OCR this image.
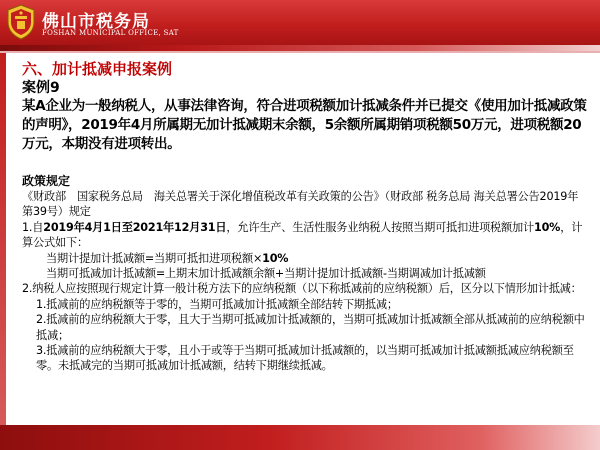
佛山市税务局
FOSHAN MUNICIPAL OFFICE, SAT
六、加计抵减申报案例
案例9
某A企业为一般纳税人，从事法律咨询，符合进项税额加计抵减条件并已提交《使用加计抵减政策的声明》，2019年4月所属期无加计抵减期末余额，5余额所属期销项税额50万元，进项税额20万元，本期没有进项转出。
政策规定
《财政部　国家税务总局　海关总署关于深化增值税改革有关政策的公告》（财政部 税务总局 海关总署公告2019年第39号）规定
1.自2019年4月1日至2021年12月31日，允许生产、生活性服务业纳税人按照当期可抵扣进项税额加计10%，计算公式如下：
当期计提加计抵减额=当期可抵扣进项税额×10%
当期可抵减加计抵减额=上期末加计抵减额余额+当期计提加计抵减额-当期调减加计抵减额
2.纳税人应按照现行规定计算一般计税方法下的应纳税额（以下称抵减前的应纳税额）后，区分以下情形加计抵减：
1.抵减前的应纳税额等于零的，当期可抵减加计抵减额全部结转下期抵减；
2.抵减前的应纳税额大于零，且大于当期可抵减加计抵减额的，当期可抵减加计抵减额全部从抵减前的应纳税额中抵减；
3.抵减前的应纳税额大于零，且小于或等于当期可抵减加计抵减额的，以当期可抵减加计抵减额抵减应纳税额至零。未抵减完的当期可抵减加计抵减额，结转下期继续抵减。
